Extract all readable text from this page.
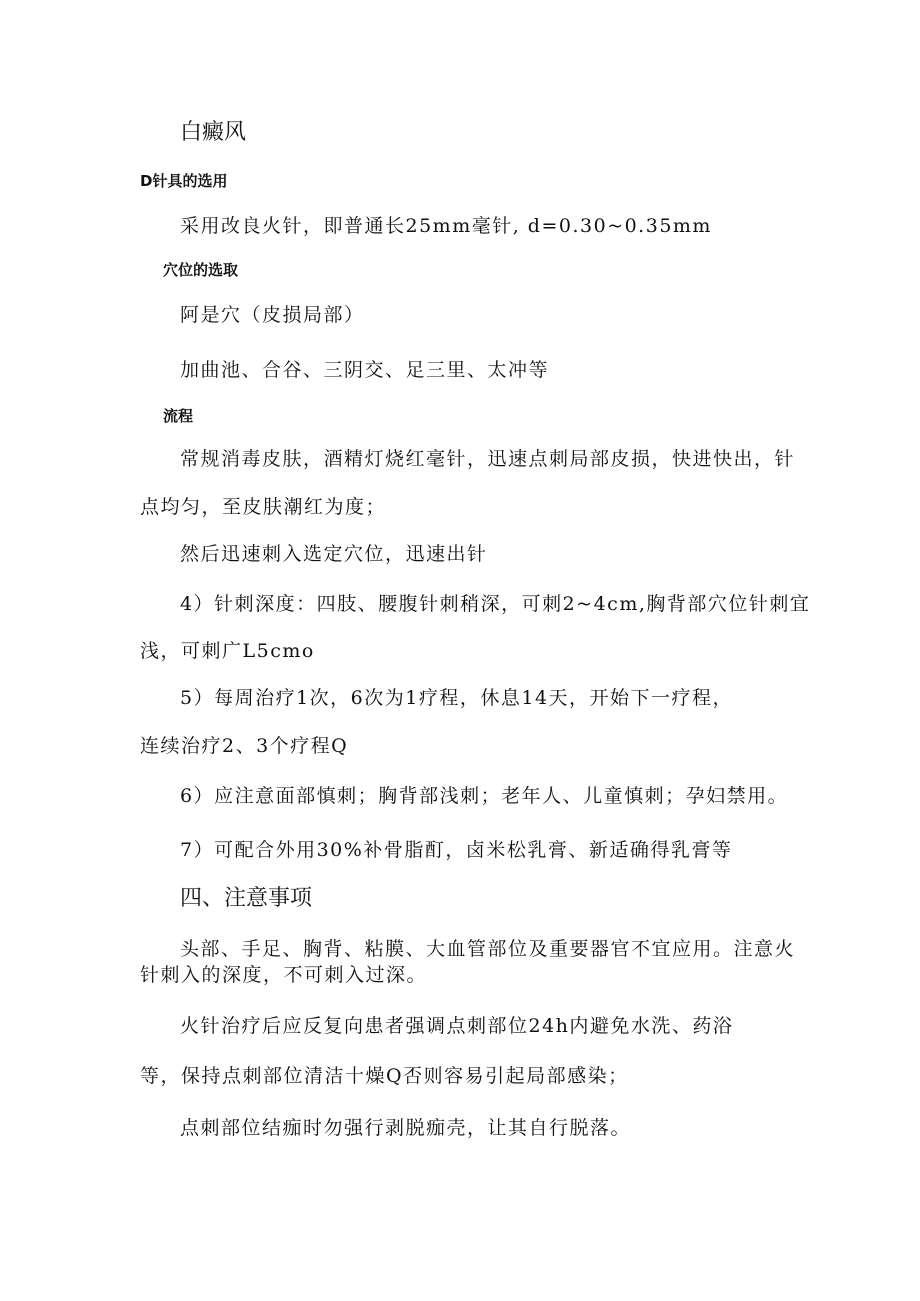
白癜风
D针具的选用
采用改良火针，即普通长25mm毫针, d=0.30~0.35mm
穴位的选取
阿是穴（皮损局部）
加曲池、合谷、三阴交、足三里、太冲等
流程
常规消毒皮肤，酒精灯烧红毫针，迅速点刺局部皮损，快进快出，针
点均匀，至皮肤潮红为度；
然后迅速刺入选定穴位，迅速出针
4）针刺深度：四肢、腰腹针刺稍深，可刺2~4cm,胸背部穴位针刺宜
浅，可刺广L5cmo
5）每周治疗1次，6次为1疗程，休息14天，开始下一疗程，
连续治疗2、3个疗程Q
6）应注意面部慎刺；胸背部浅刺；老年人、儿童慎刺；孕妇禁用。
7）可配合外用30%补骨脂酊，卤米松乳膏、新适确得乳膏等
四、注意事项
头部、手足、胸背、粘膜、大血管部位及重要器官不宜应用。注意火
针刺入的深度，不可刺入过深。
火针治疗后应反复向患者强调点刺部位24h内避免水洗、药浴
等，保持点刺部位清洁十燥Q否则容易引起局部感染；
点刺部位结痂时勿强行剥脱痂壳，让其自行脱落。
